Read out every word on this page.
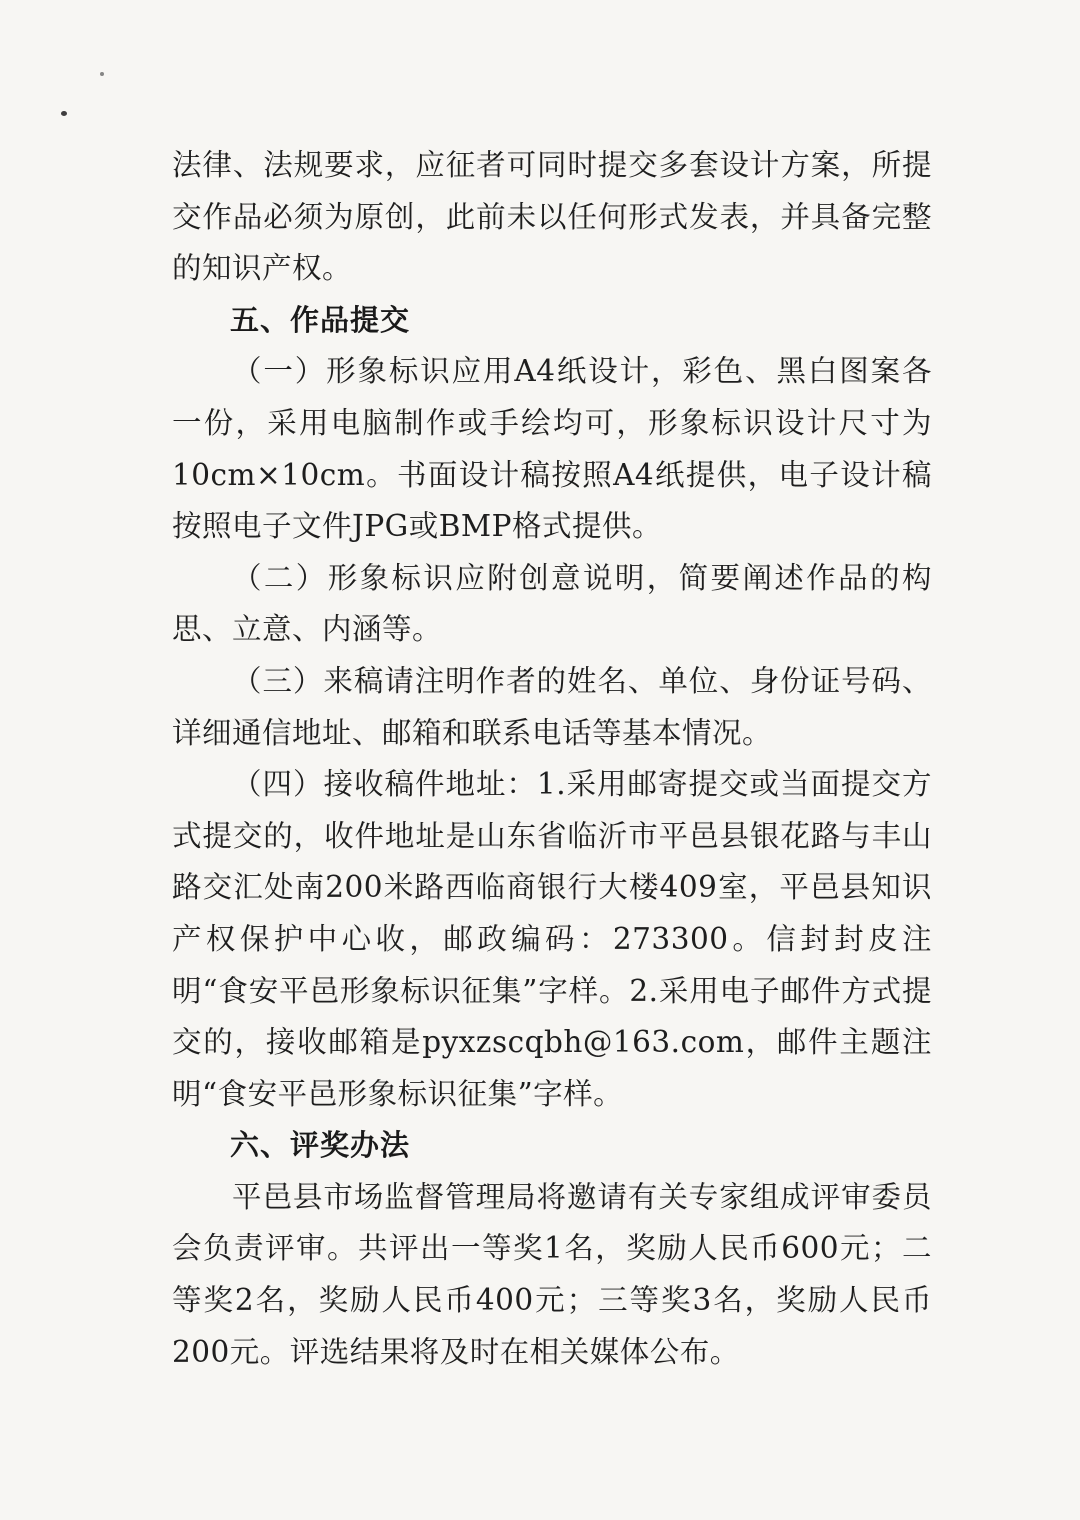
法律、法规要求，应征者可同时提交多套设计方案，所提交作品必须为原创，此前未以任何形式发表，并具备完整的知识产权。

五、作品提交

（一）形象标识应用A4纸设计，彩色、黑白图案各一份，采用电脑制作或手绘均可，形象标识设计尺寸为10cm×10cm。书面设计稿按照A4纸提供，电子设计稿按照电子文件JPG或BMP格式提供。

（二）形象标识应附创意说明，简要阐述作品的构思、立意、内涵等。

（三）来稿请注明作者的姓名、单位、身份证号码、详细通信地址、邮箱和联系电话等基本情况。

（四）接收稿件地址：1.采用邮寄提交或当面提交方式提交的，收件地址是山东省临沂市平邑县银花路与丰山路交汇处南200米路西临商银行大楼409室，平邑县知识产权保护中心收，邮政编码：273300。信封封皮注明“食安平邑形象标识征集”字样。2.采用电子邮件方式提交的，接收邮箱是pyxzscqbh@163.com，邮件主题注明“食安平邑形象标识征集”字样。

六、评奖办法

平邑县市场监督管理局将邀请有关专家组成评审委员会负责评审。共评出一等奖1名，奖励人民币600元；二等奖2名，奖励人民币400元；三等奖3名，奖励人民币200元。评选结果将及时在相关媒体公布。
